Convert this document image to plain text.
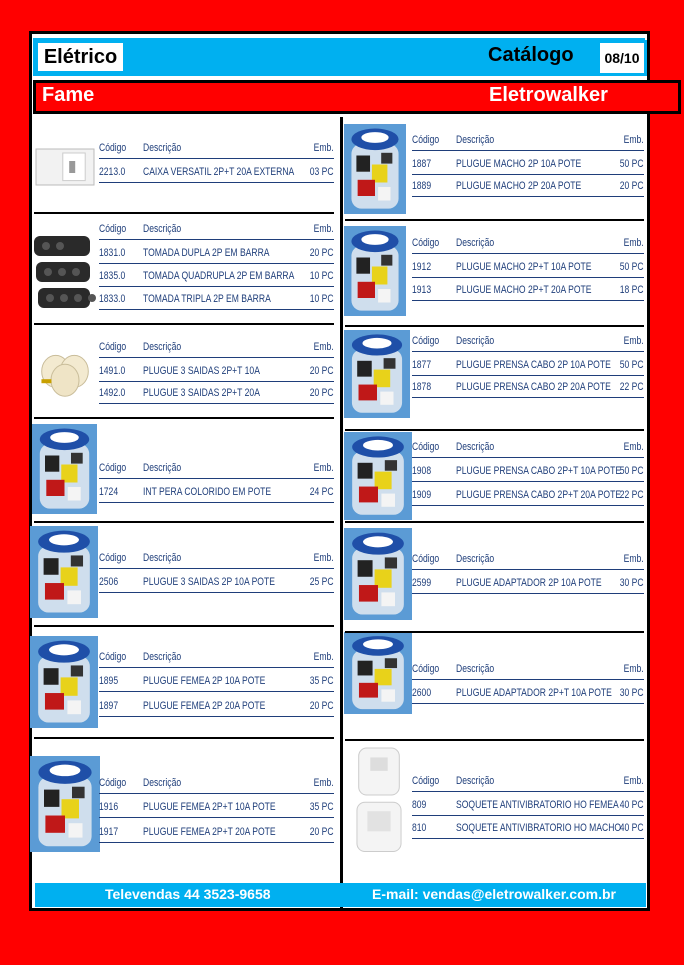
Elétrico	Catálogo	08/10
Fame	Eletrowalker
Código Descrição	Emb.
2213.0 CAIXA VERSATIL 2P+T 20A EXTERNA 03 PC
Código Descrição	Emb.
1831.0 TOMADA DUPLA 2P EM BARRA	20 PC
1835.0 TOMADA QUADRUPLA 2P EM BARRA 10 PC
1833.0 TOMADA TRIPLA 2P EM BARRA	10 PC
Código Descrição	Emb.
1491.0 PLUGUE 3 SAIDAS 2P+T 10A	20 PC
1492.0 PLUGUE 3 SAIDAS 2P+T 20A	20 PC
Código Descrição	Emb.
1724 INT PERA COLORIDO EM POTE	24 PC
Código Descrição	Emb.
2506 PLUGUE 3 SAIDAS 2P 10A POTE	25 PC
Código Descrição	Emb.
1895 PLUGUE FEMEA 2P 10A POTE	35 PC
1897 PLUGUE FEMEA 2P 20A POTE	20 PC
Código Descrição	Emb.
1916 PLUGUE FEMEA 2P+T 10A POTE	35 PC
1917 PLUGUE FEMEA 2P+T 20A POTE	20 PC
Código Descrição	Emb.
1887 PLUGUE MACHO 2P 10A POTE	50 PC
1889 PLUGUE MACHO 2P 20A POTE	20 PC
Código Descrição	Emb.
1912 PLUGUE MACHO 2P+T 10A POTE	50 PC
1913 PLUGUE MACHO 2P+T 20A POTE	18 PC
Código Descrição	Emb.
1877 PLUGUE PRENSA CABO 2P 10A POTE 50 PC
1878 PLUGUE PRENSA CABO 2P 20A POTE 22 PC
Código Descrição	Emb.
1908 PLUGUE PRENSA CABO 2P+T 10A POTE 50 PC
1909 PLUGUE PRENSA CABO 2P+T 20A POTE 22 PC
Código Descrição	Emb.
2599 PLUGUE ADAPTADOR 2P 10A POTE 30 PC
Código Descrição	Emb.
2600 PLUGUE ADAPTADOR 2P+T 10A POTE 30 PC
Código Descrição	Emb.
809	SOQUETE ANTIVIBRATORIO HO FEMEA 40 PC
810	SOQUETE ANTIVIBRATORIO HO MACHO 40 PC
Televendas 44 3523-9658	E-mail: vendas@eletrowalker.com.br
